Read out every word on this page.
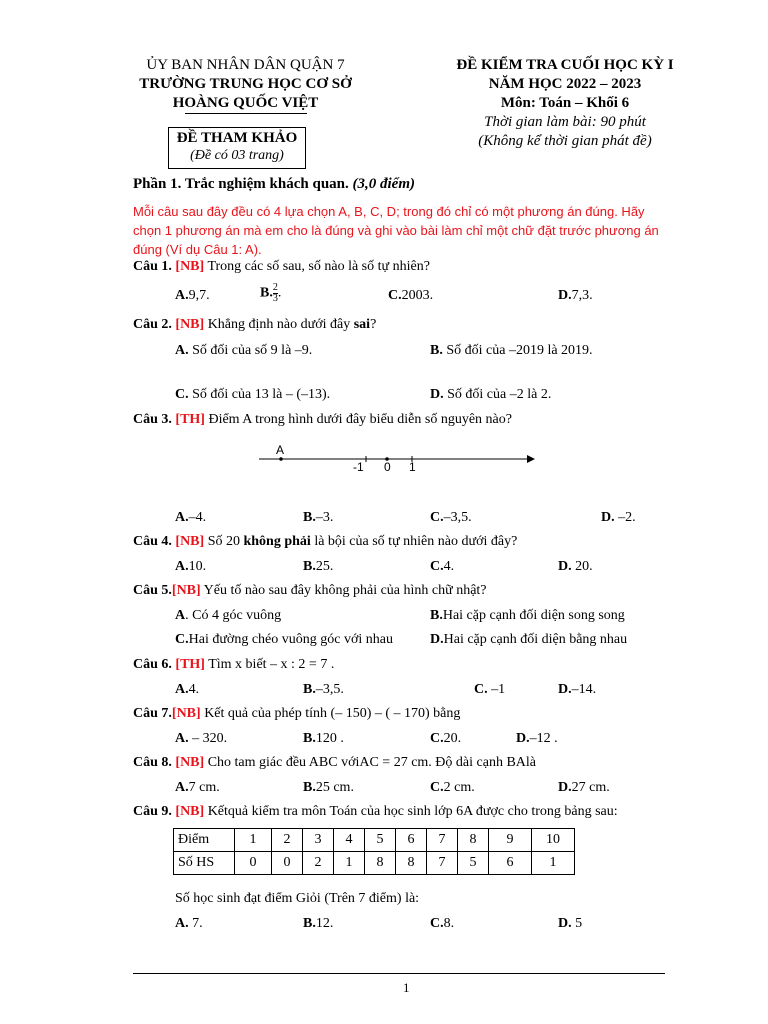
ỦY BAN NHÂN DÂN QUẬN 7
TRƯỜNG TRUNG HỌC CƠ SỞ
HOÀNG QUỐC VIỆT
ĐỀ KIỂM TRA CUỐI HỌC KỲ I
NĂM HỌC 2022 – 2023
Môn: Toán – Khối 6
Thời gian làm bài: 90 phút
(Không kể thời gian phát đề)
ĐỀ THAM KHẢO
(Đề có 03 trang)
Phần 1. Trắc nghiệm khách quan. (3,0 điểm)
Mỗi câu sau đây đều có 4 lựa chọn A, B, C, D; trong đó chỉ có một phương án đúng. Hãy chọn 1 phương án mà em cho là đúng và ghi vào bài làm chỉ một chữ đặt trước phương án đúng (Ví dụ Câu 1: A).
Câu 1. [NB] Trong các số sau, số nào là số tự nhiên?
A.9,7.	B. $\frac{2}{3}$ .	C.2003.	D.7,3.
Câu 2. [NB] Khẳng định nào dưới đây sai?
A. Số đối của số 9 là –9.	B. Số đối của –2019 là 2019.
C. Số đối của 13 là – (–13).	D. Số đối của –2 là 2.
Câu 3. [TH] Điểm A trong hình dưới đây biểu diễn số nguyên nào?
A
-1 0 1
A.–4.	B.–3.	C.–3,5.	D. –2.
Câu 4. [NB] Số 20 không phải là bội của số tự nhiên nào dưới đây?
A.10.	B.25.	C.4.	D. 20.
Câu 5.[NB] Yếu tố nào sau đây không phải của hình chữ nhật?
A. Có 4 góc vuông	B.Hai cặp cạnh đối diện song song
C.Hai đường chéo vuông góc với nhau	D.Hai cặp cạnh đối diện bằng nhau
Câu 6. [TH] Tìm x biết – x : 2 = 7 .
A.4.	B.–3,5.	C. –1	D.–14.
Câu 7.[NB] Kết quả của phép tính (– 150) – ( – 170) bằng
A. – 320.	B.120 .	C.20.	D.–12 .
Câu 8. [NB] Cho tam giác đều ABC vớiAC = 27 cm. Độ dài cạnh BAlà
A.7 cm.	B.25 cm.	C.2 cm.	D.27 cm.
Câu 9. [NB] Kếtquả kiểm tra môn Toán của học sinh lớp 6A được cho trong bảng sau:
Điểm	1	2	3	4	5	6	7	8	9	10
Số HS	0	0	2	1	8	8	7	5	6	1
Số học sinh đạt điểm Giỏi (Trên 7 điểm) là:
A. 7.	B.12.	C.8.	D. 5
1
